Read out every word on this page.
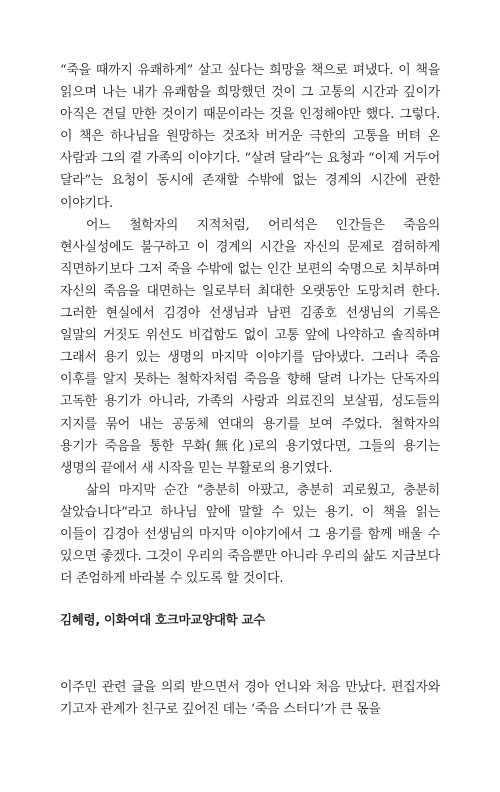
“죽을 때까지 유쾌하게” 살고 싶다는 희망을 책으로 펴냈다. 이 책을 읽으며 나는 내가 유쾌함을 희망했던 것이 그 고통의 시간과 깊이가 아직은 견딜 만한 것이기 때문이라는 것을 인정해야만 했다. 그렇다. 이 책은 하나님을 원망하는 것조차 버거운 극한의 고통을 버텨 온 사람과 그의 곁 가족의 이야기다. “살려 달라”는 요청과 “이제 거두어 달라”는 요청이 동시에 존재할 수밖에 없는 경계의 시간에 관한 이야기다.

어느 철학자의 지적처럼, 어리석은 인간들은 죽음의 현사실성에도 불구하고 이 경계의 시간을 자신의 문제로 겸허하게 직면하기보다 그저 죽을 수밖에 없는 인간 보편의 숙명으로 치부하며 자신의 죽음을 대면하는 일로부터 최대한 오랫동안 도망치려 한다. 그러한 현실에서 김경아 선생님과 남편 김종호 선생님의 기록은 일말의 거짓도 위선도 비겁함도 없이 고통 앞에 나약하고 솔직하며 그래서 용기 있는 생명의 마지막 이야기를 담아냈다. 그러나 죽음 이후를 알지 못하는 철학자처럼 죽음을 향해 달려 나가는 단독자의 고독한 용기가 아니라, 가족의 사랑과 의료진의 보살핌, 성도들의 지지를 묶어 내는 공동체 연대의 용기를 보여 주었다. 철학자의 용기가 죽음을 통한 무화(無化)로의 용기였다면, 그들의 용기는 생명의 끝에서 새 시작을 믿는 부활로의 용기였다.

삶의 마지막 순간 “충분히 아팠고, 충분히 괴로웠고, 충분히 살았습니다”라고 하나님 앞에 말할 수 있는 용기. 이 책을 읽는 이들이 김경아 선생님의 마지막 이야기에서 그 용기를 함께 배울 수 있으면 좋겠다. 그것이 우리의 죽음뿐만 아니라 우리의 삶도 지금보다 더 존엄하게 바라볼 수 있도록 할 것이다.

김혜령, 이화여대 호크마교양대학 교수

이주민 관련 글을 의뢰 받으면서 경아 언니와 처음 만났다. 편집자와 기고자 관계가 친구로 깊어진 데는 ‘죽음 스터디’가 큰 몫을
